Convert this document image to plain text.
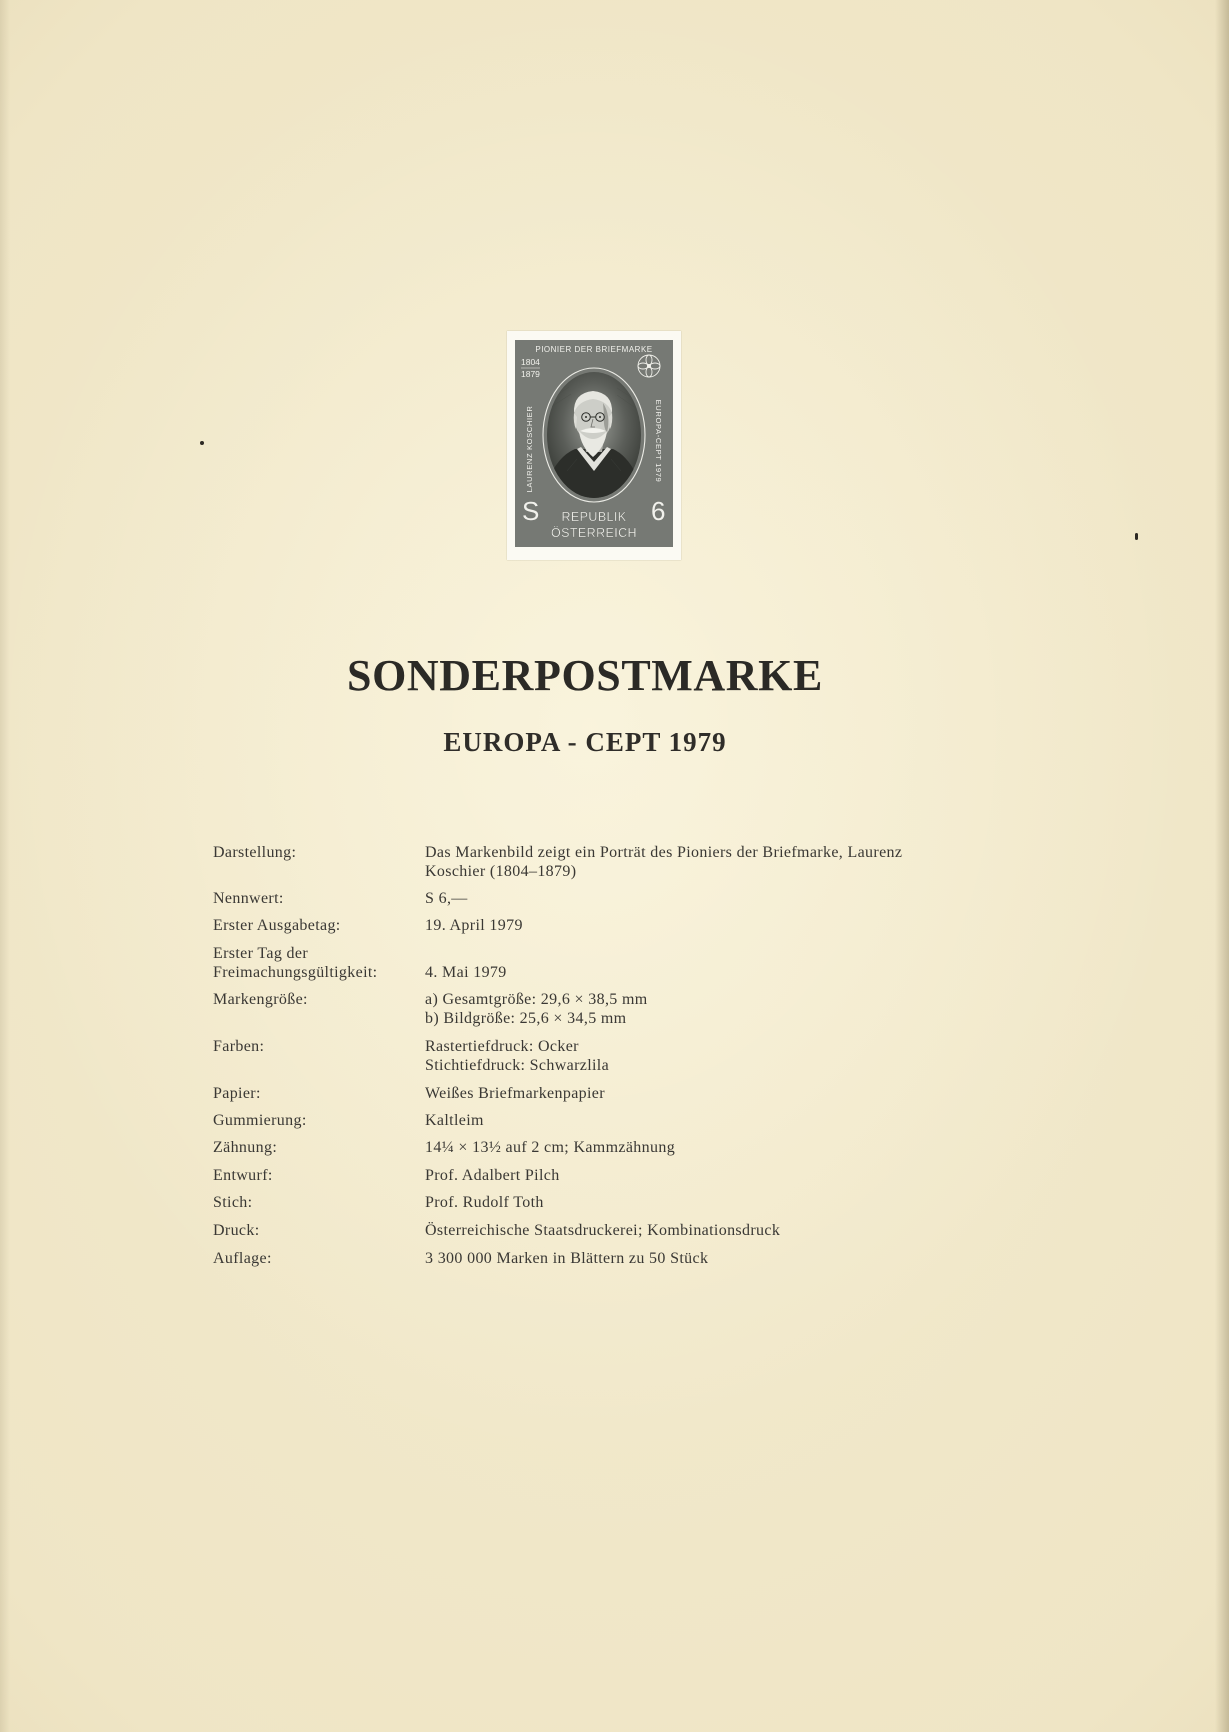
PIONIER DER BRIEFMARKE
1804
1879
LAURENZ KOSCHIER	EUROPA-CEPT 1979
S	6
REPUBLIK
ÖSTERREICH
SONDERPOSTMARKE
EUROPA - CEPT 1979
Darstellung:	Das Markenbild zeigt ein Porträt des Pioniers der Briefmarke, Laurenz
Koschier (1804–1879)
Nennwert:	S 6,—
Erster Ausgabetag:	19. April 1979
Erster Tag der
Freimachungsgültigkeit:	4. Mai 1979
Markengröße:	a) Gesamtgröße: 29,6 × 38,5 mm
b) Bildgröße: 25,6 × 34,5 mm
Farben:	Rastertiefdruck: Ocker
Stichtiefdruck: Schwarzlila
Papier:	Weißes Briefmarkenpapier
Gummierung:	Kaltleim
Zähnung:	14¼ × 13½ auf 2 cm; Kammzähnung
Entwurf:	Prof. Adalbert Pilch
Stich:	Prof. Rudolf Toth
Druck:	Österreichische Staatsdruckerei; Kombinationsdruck
Auflage:	3 300 000 Marken in Blättern zu 50 Stück
